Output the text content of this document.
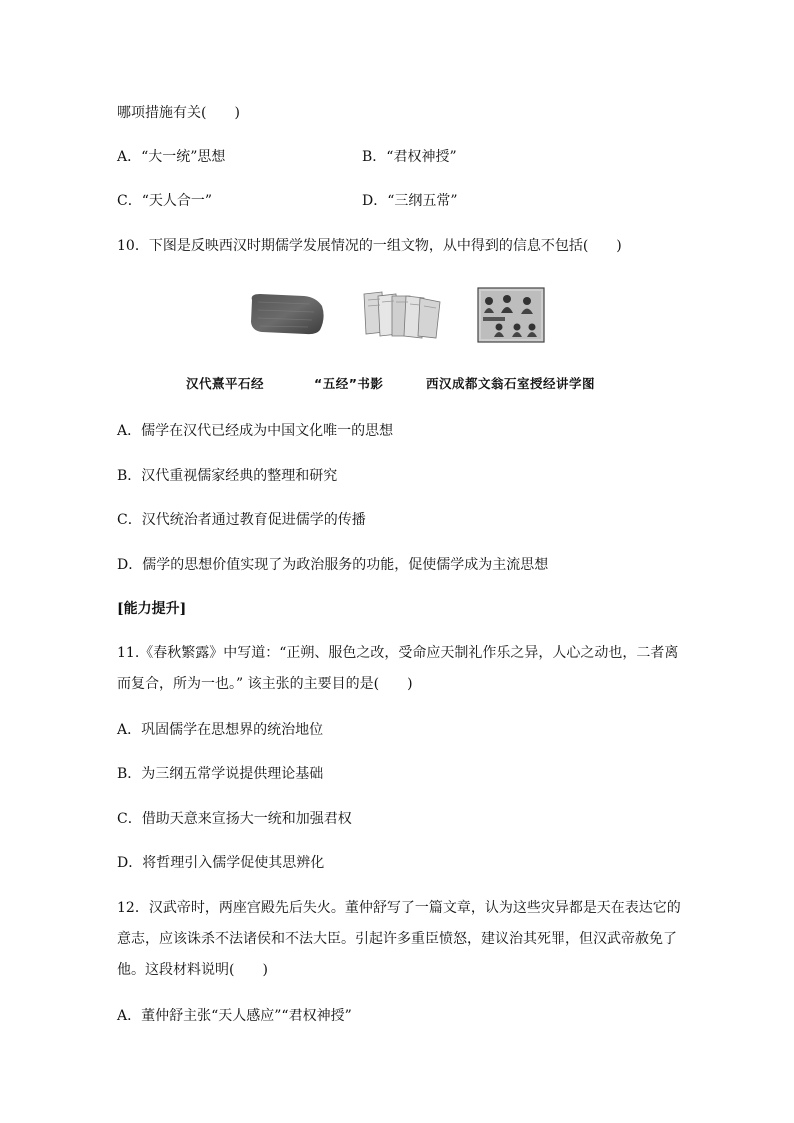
哪项措施有关(　　)
A．“大一统”思想	B．“君权神授”
C．“天人合一”	D．“三纲五常”
10．下图是反映西汉时期儒学发展情况的一组文物，从中得到的信息不包括(　　)
汉代熹平石经	“五经”书影	西汉成都文翁石室授经讲学图
A．儒学在汉代已经成为中国文化唯一的思想
B．汉代重视儒家经典的整理和研究
C．汉代统治者通过教育促进儒学的传播
D．儒学的思想价值实现了为政治服务的功能，促使儒学成为主流思想
[能力提升]
11.《春秋繁露》中写道：“正朔、服色之改，受命应天制礼作乐之异，人心之动也，二者离而复合，所为一也。” 该主张的主要目的是(　　)
A．巩固儒学在思想界的统治地位
B．为三纲五常学说提供理论基础
C．借助天意来宣扬大一统和加强君权
D．将哲理引入儒学促使其思辨化
12．汉武帝时，两座宫殿先后失火。董仲舒写了一篇文章，认为这些灾异都是天在表达它的意志，应该诛杀不法诸侯和不法大臣。引起许多重臣愤怒，建议治其死罪，但汉武帝赦免了他。这段材料说明(　　)
A．董仲舒主张“天人感应”“君权神授”
